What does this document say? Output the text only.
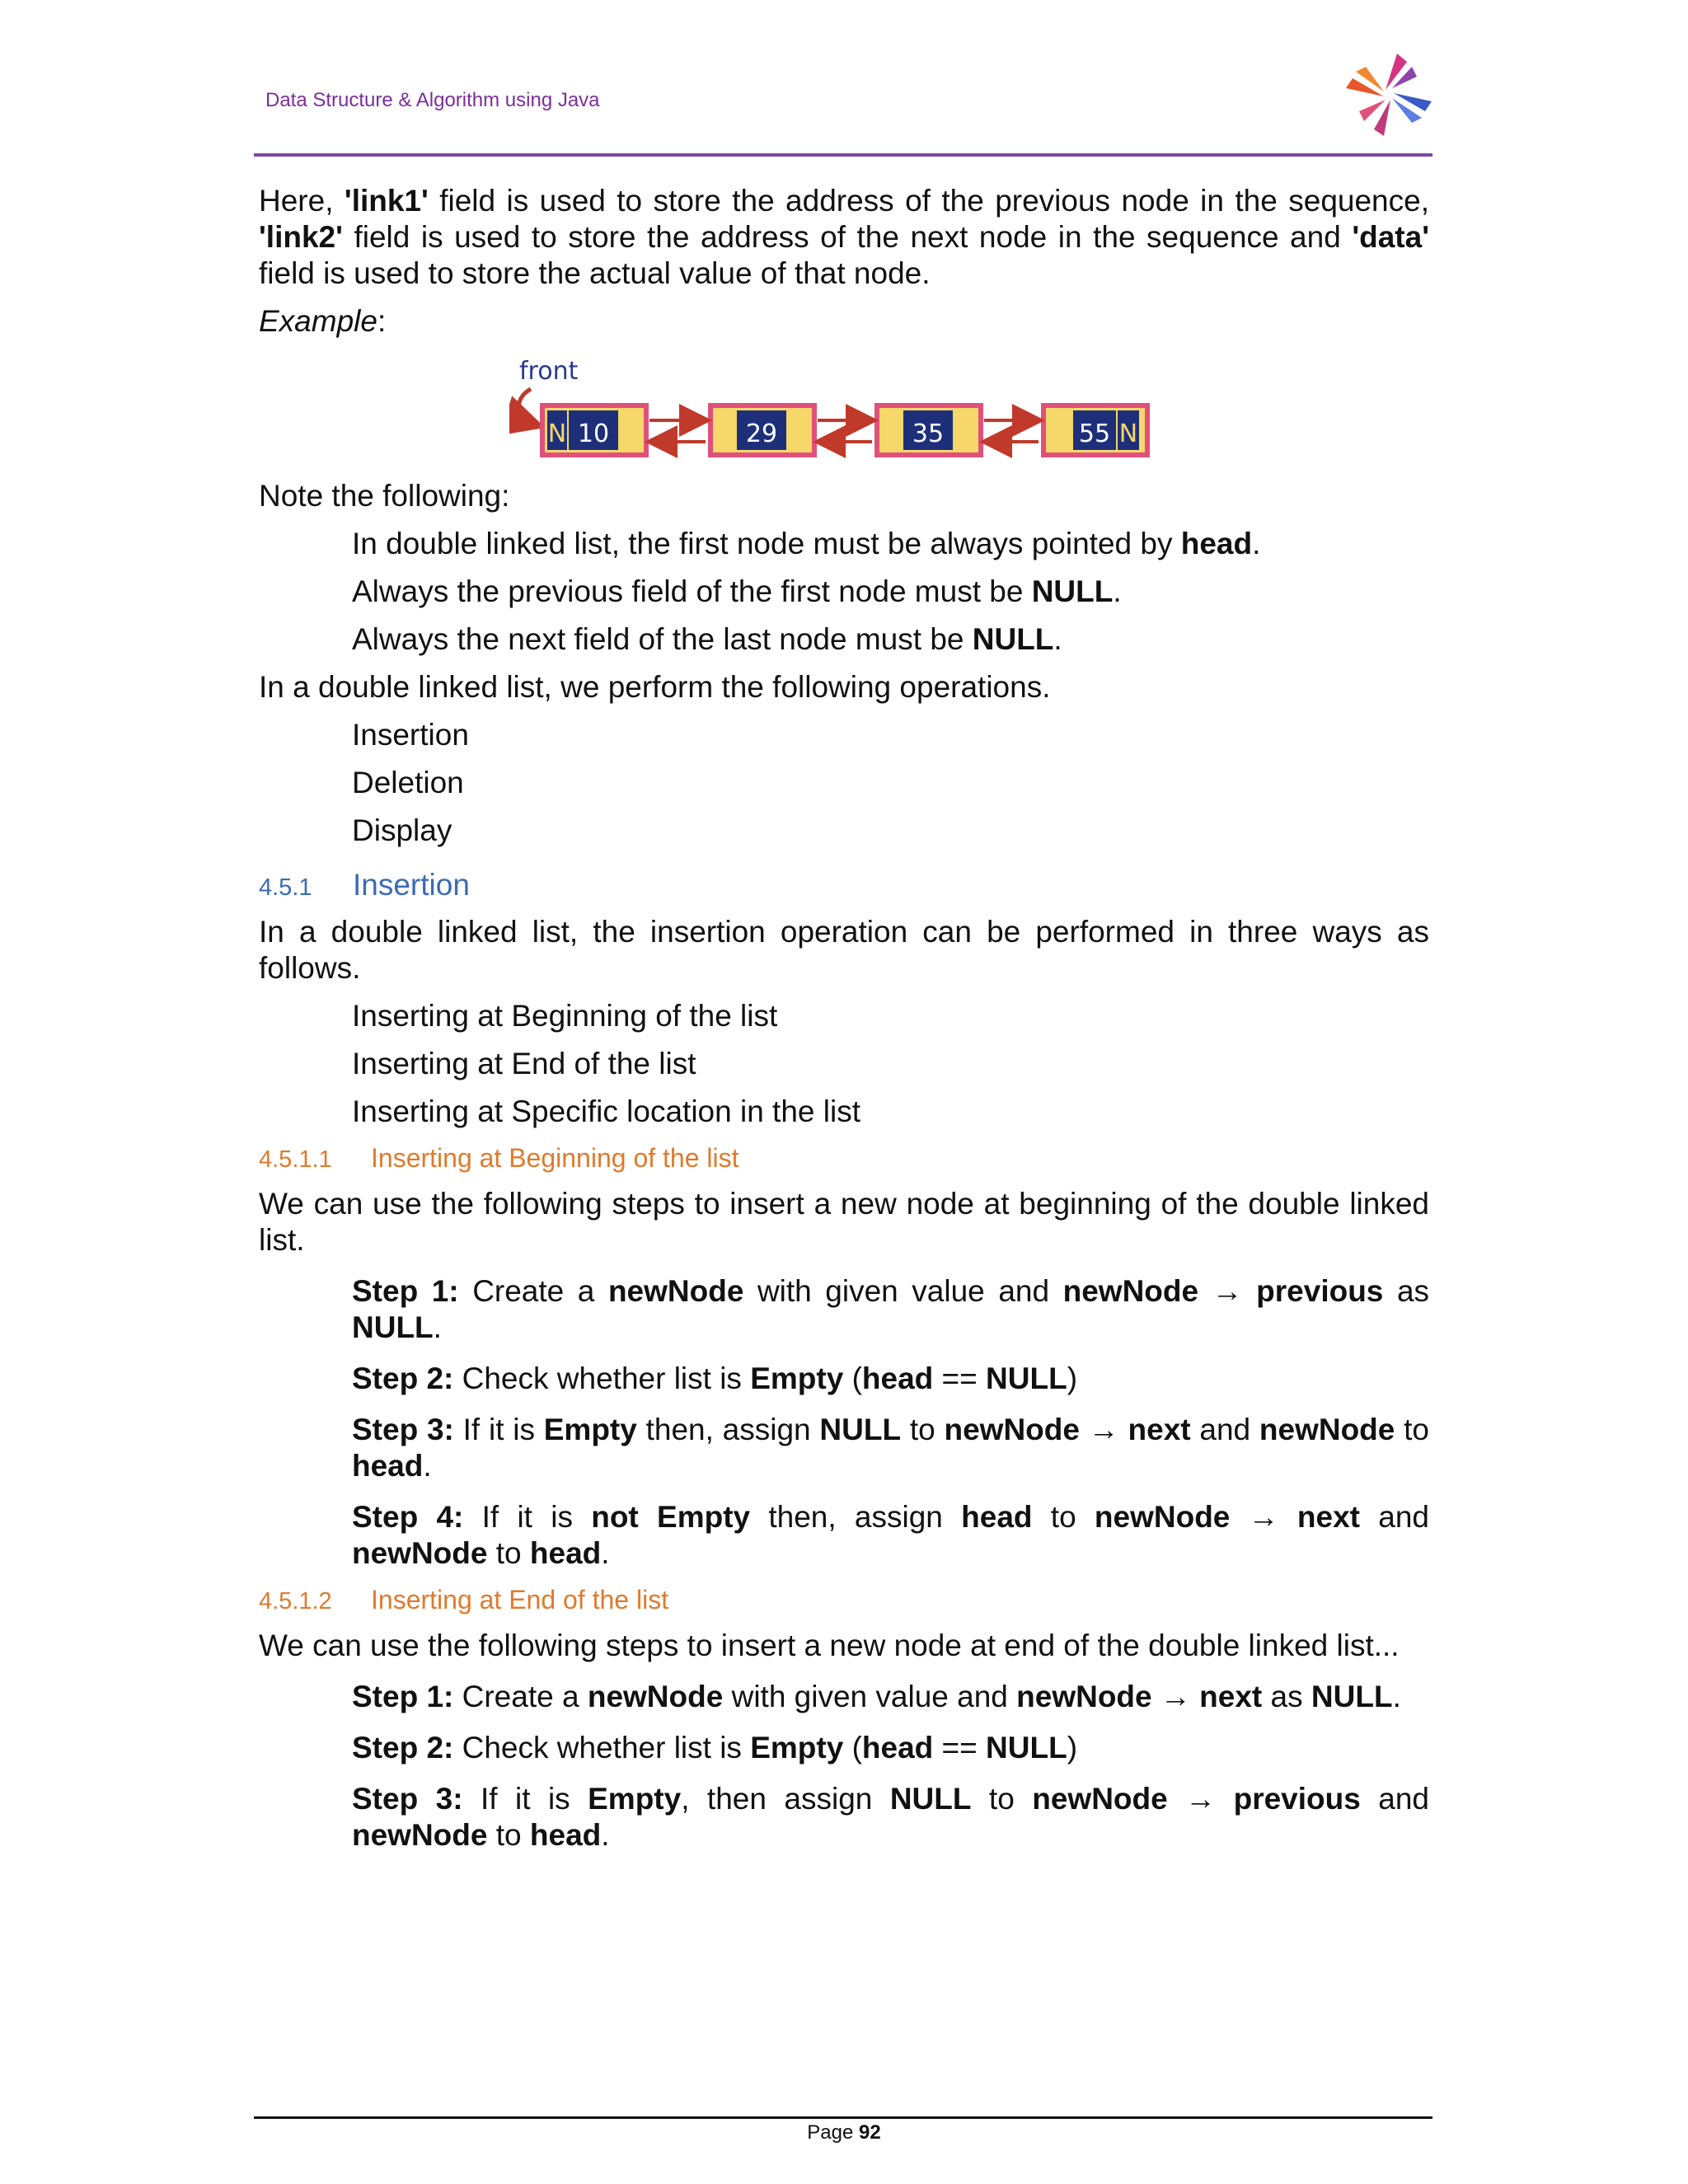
Data Structure & Algorithm using Java

Here, 'link1' field is used to store the address of the previous node in the sequence, 'link2' field is used to store the address of the next node in the sequence and 'data' field is used to store the actual value of that node.

Example:

front
N 10	29	35	55 N

Note the following:

In double linked list, the first node must be always pointed by head.

Always the previous field of the first node must be NULL.

Always the next field of the last node must be NULL.

In a double linked list, we perform the following operations.

Insertion

Deletion

Display

4.5.1 Insertion

In a double linked list, the insertion operation can be performed in three ways as follows.

Inserting at Beginning of the list

Inserting at End of the list

Inserting at Specific location in the list

4.5.1.1 Inserting at Beginning of the list

We can use the following steps to insert a new node at beginning of the double linked list.

Step 1: Create a newNode with given value and newNode → previous as NULL.

Step 2: Check whether list is Empty (head == NULL)

Step 3: If it is Empty then, assign NULL to newNode → next and newNode to head.

Step 4: If it is not Empty then, assign head to newNode → next and newNode to head.

4.5.1.2 Inserting at End of the list

We can use the following steps to insert a new node at end of the double linked list...

Step 1: Create a newNode with given value and newNode → next as NULL.

Step 2: Check whether list is Empty (head == NULL)

Step 3: If it is Empty, then assign NULL to newNode → previous and newNode to head.

Page 92
